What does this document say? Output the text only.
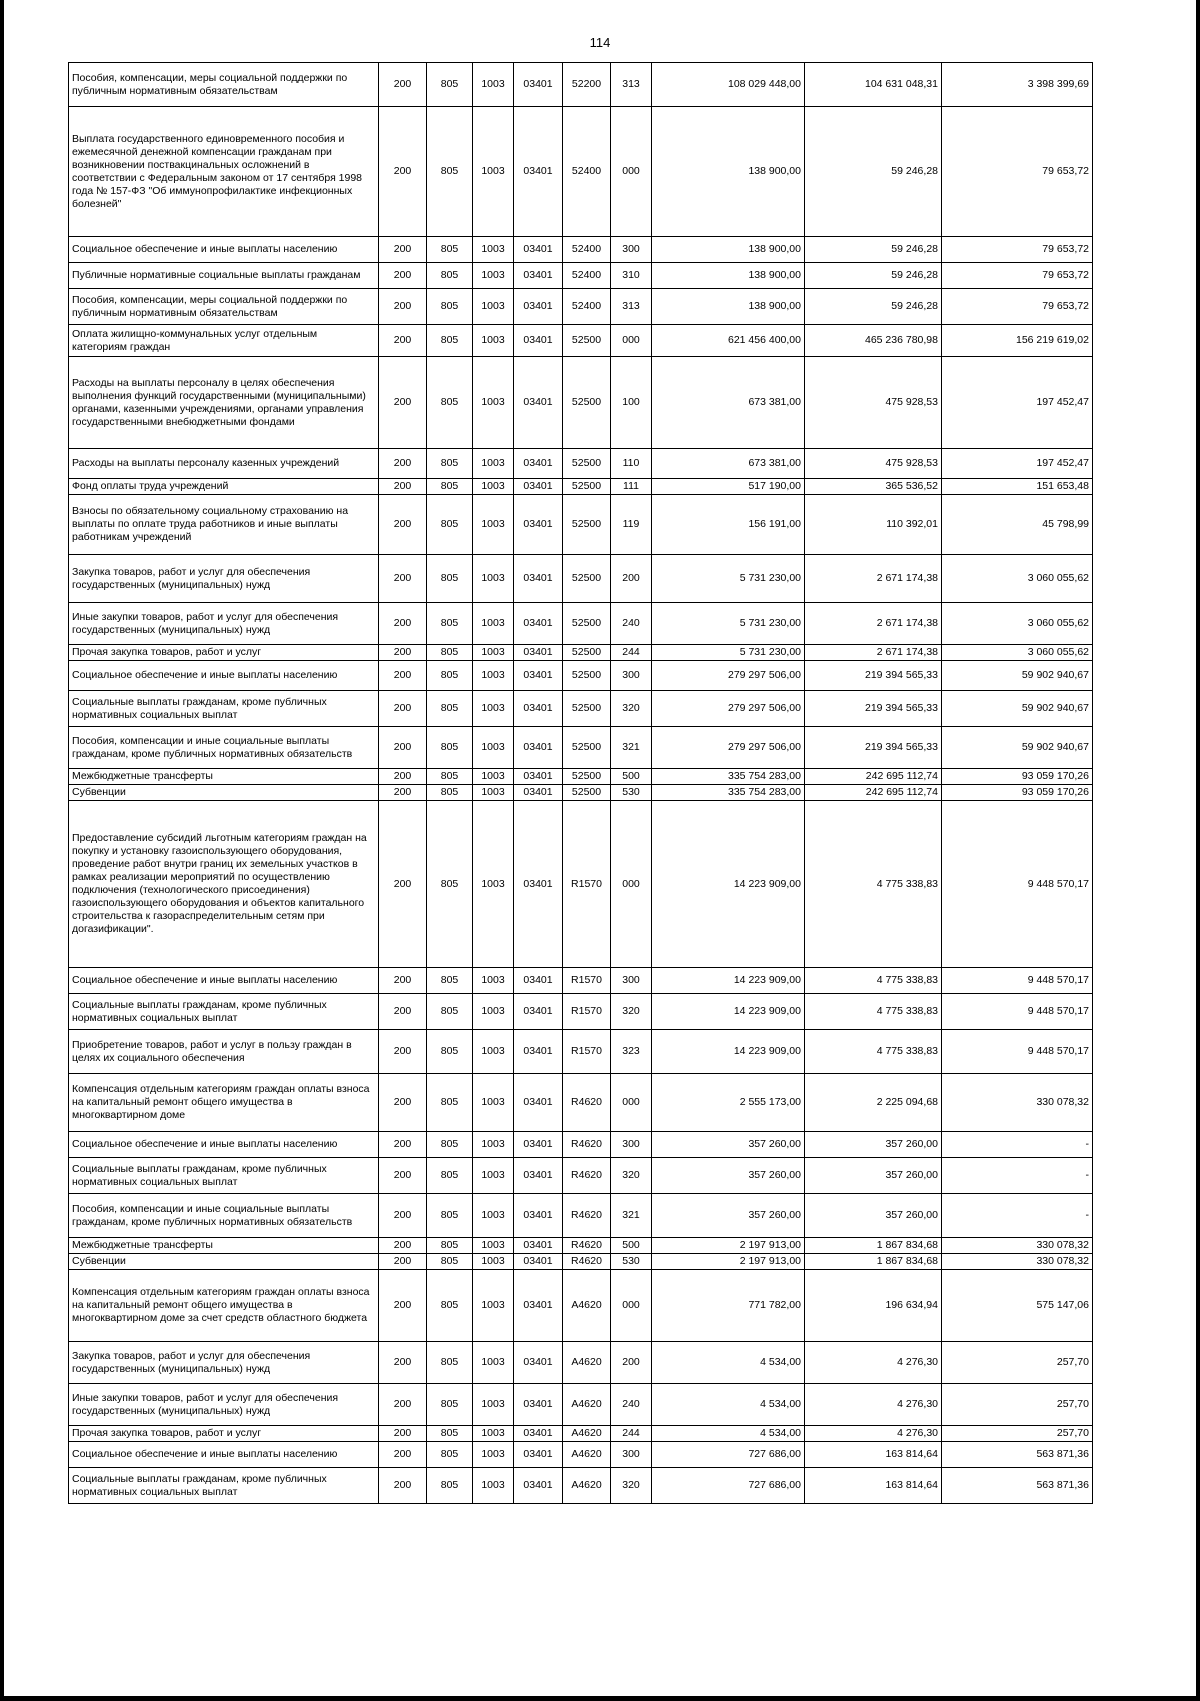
114
Пособия, компенсации, меры социальной поддержки по публичным нормативным обязательствам	200	805	1003	03401	52200	313	108 029 448,00	104 631 048,31	3 398 399,69
Выплата государственного единовременного пособия и ежемесячной денежной компенсации гражданам при возникновении поствакцинальных осложнений в соответствии с Федеральным законом от 17 сентября 1998 года № 157-ФЗ "Об иммунопрофилактике инфекционных болезней"	200	805	1003	03401	52400	000	138 900,00	59 246,28	79 653,72
Социальное обеспечение и иные выплаты населению	200	805	1003	03401	52400	300	138 900,00	59 246,28	79 653,72
Публичные нормативные социальные выплаты гражданам	200	805	1003	03401	52400	310	138 900,00	59 246,28	79 653,72
Пособия, компенсации, меры социальной поддержки по публичным нормативным обязательствам	200	805	1003	03401	52400	313	138 900,00	59 246,28	79 653,72
Оплата жилищно-коммунальных услуг отдельным категориям граждан	200	805	1003	03401	52500	000	621 456 400,00	465 236 780,98	156 219 619,02
Расходы на выплаты персоналу в целях обеспечения выполнения функций государственными (муниципальными) органами, казенными учреждениями, органами управления государственными внебюджетными фондами	200	805	1003	03401	52500	100	673 381,00	475 928,53	197 452,47
Расходы на выплаты персоналу казенных учреждений	200	805	1003	03401	52500	110	673 381,00	475 928,53	197 452,47
Фонд оплаты труда учреждений	200	805	1003	03401	52500	111	517 190,00	365 536,52	151 653,48
Взносы по обязательному социальному страхованию на выплаты по оплате труда работников и иные выплаты работникам учреждений	200	805	1003	03401	52500	119	156 191,00	110 392,01	45 798,99
Закупка товаров, работ и услуг для обеспечения государственных (муниципальных) нужд	200	805	1003	03401	52500	200	5 731 230,00	2 671 174,38	3 060 055,62
Иные закупки товаров, работ и услуг для обеспечения государственных (муниципальных) нужд	200	805	1003	03401	52500	240	5 731 230,00	2 671 174,38	3 060 055,62
Прочая закупка товаров, работ и услуг	200	805	1003	03401	52500	244	5 731 230,00	2 671 174,38	3 060 055,62
Социальное обеспечение и иные выплаты населению	200	805	1003	03401	52500	300	279 297 506,00	219 394 565,33	59 902 940,67
Социальные выплаты гражданам, кроме публичных нормативных социальных выплат	200	805	1003	03401	52500	320	279 297 506,00	219 394 565,33	59 902 940,67
Пособия, компенсации и иные социальные выплаты гражданам, кроме публичных нормативных обязательств	200	805	1003	03401	52500	321	279 297 506,00	219 394 565,33	59 902 940,67
Межбюджетные трансферты	200	805	1003	03401	52500	500	335 754 283,00	242 695 112,74	93 059 170,26
Субвенции	200	805	1003	03401	52500	530	335 754 283,00	242 695 112,74	93 059 170,26
Предоставление субсидий льготным категориям граждан на покупку и установку газоиспользующего оборудования, проведение работ внутри границ их земельных участков в рамках реализации мероприятий по осуществлению подключения (технологического присоединения) газоиспользующего оборудования и объектов капитального строительства к газораспределительным сетям при догазификации".	200	805	1003	03401	R1570	000	14 223 909,00	4 775 338,83	9 448 570,17
Социальное обеспечение и иные выплаты населению	200	805	1003	03401	R1570	300	14 223 909,00	4 775 338,83	9 448 570,17
Социальные выплаты гражданам, кроме публичных нормативных социальных выплат	200	805	1003	03401	R1570	320	14 223 909,00	4 775 338,83	9 448 570,17
Приобретение товаров, работ и услуг в пользу граждан в целях их социального обеспечения	200	805	1003	03401	R1570	323	14 223 909,00	4 775 338,83	9 448 570,17
Компенсация отдельным категориям граждан оплаты взноса на капитальный ремонт общего имущества в многоквартирном доме	200	805	1003	03401	R4620	000	2 555 173,00	2 225 094,68	330 078,32
Социальное обеспечение и иные выплаты населению	200	805	1003	03401	R4620	300	357 260,00	357 260,00	-
Социальные выплаты гражданам, кроме публичных нормативных социальных выплат	200	805	1003	03401	R4620	320	357 260,00	357 260,00	-
Пособия, компенсации и иные социальные выплаты гражданам, кроме публичных нормативных обязательств	200	805	1003	03401	R4620	321	357 260,00	357 260,00	-
Межбюджетные трансферты	200	805	1003	03401	R4620	500	2 197 913,00	1 867 834,68	330 078,32
Субвенции	200	805	1003	03401	R4620	530	2 197 913,00	1 867 834,68	330 078,32
Компенсация отдельным категориям граждан оплаты взноса на капитальный ремонт общего имущества в многоквартирном доме за счет средств областного бюджета	200	805	1003	03401	A4620	000	771 782,00	196 634,94	575 147,06
Закупка товаров, работ и услуг для обеспечения государственных (муниципальных) нужд	200	805	1003	03401	A4620	200	4 534,00	4 276,30	257,70
Иные закупки товаров, работ и услуг для обеспечения государственных (муниципальных) нужд	200	805	1003	03401	A4620	240	4 534,00	4 276,30	257,70
Прочая закупка товаров, работ и услуг	200	805	1003	03401	A4620	244	4 534,00	4 276,30	257,70
Социальное обеспечение и иные выплаты населению	200	805	1003	03401	A4620	300	727 686,00	163 814,64	563 871,36
Социальные выплаты гражданам, кроме публичных нормативных социальных выплат	200	805	1003	03401	A4620	320	727 686,00	163 814,64	563 871,36
